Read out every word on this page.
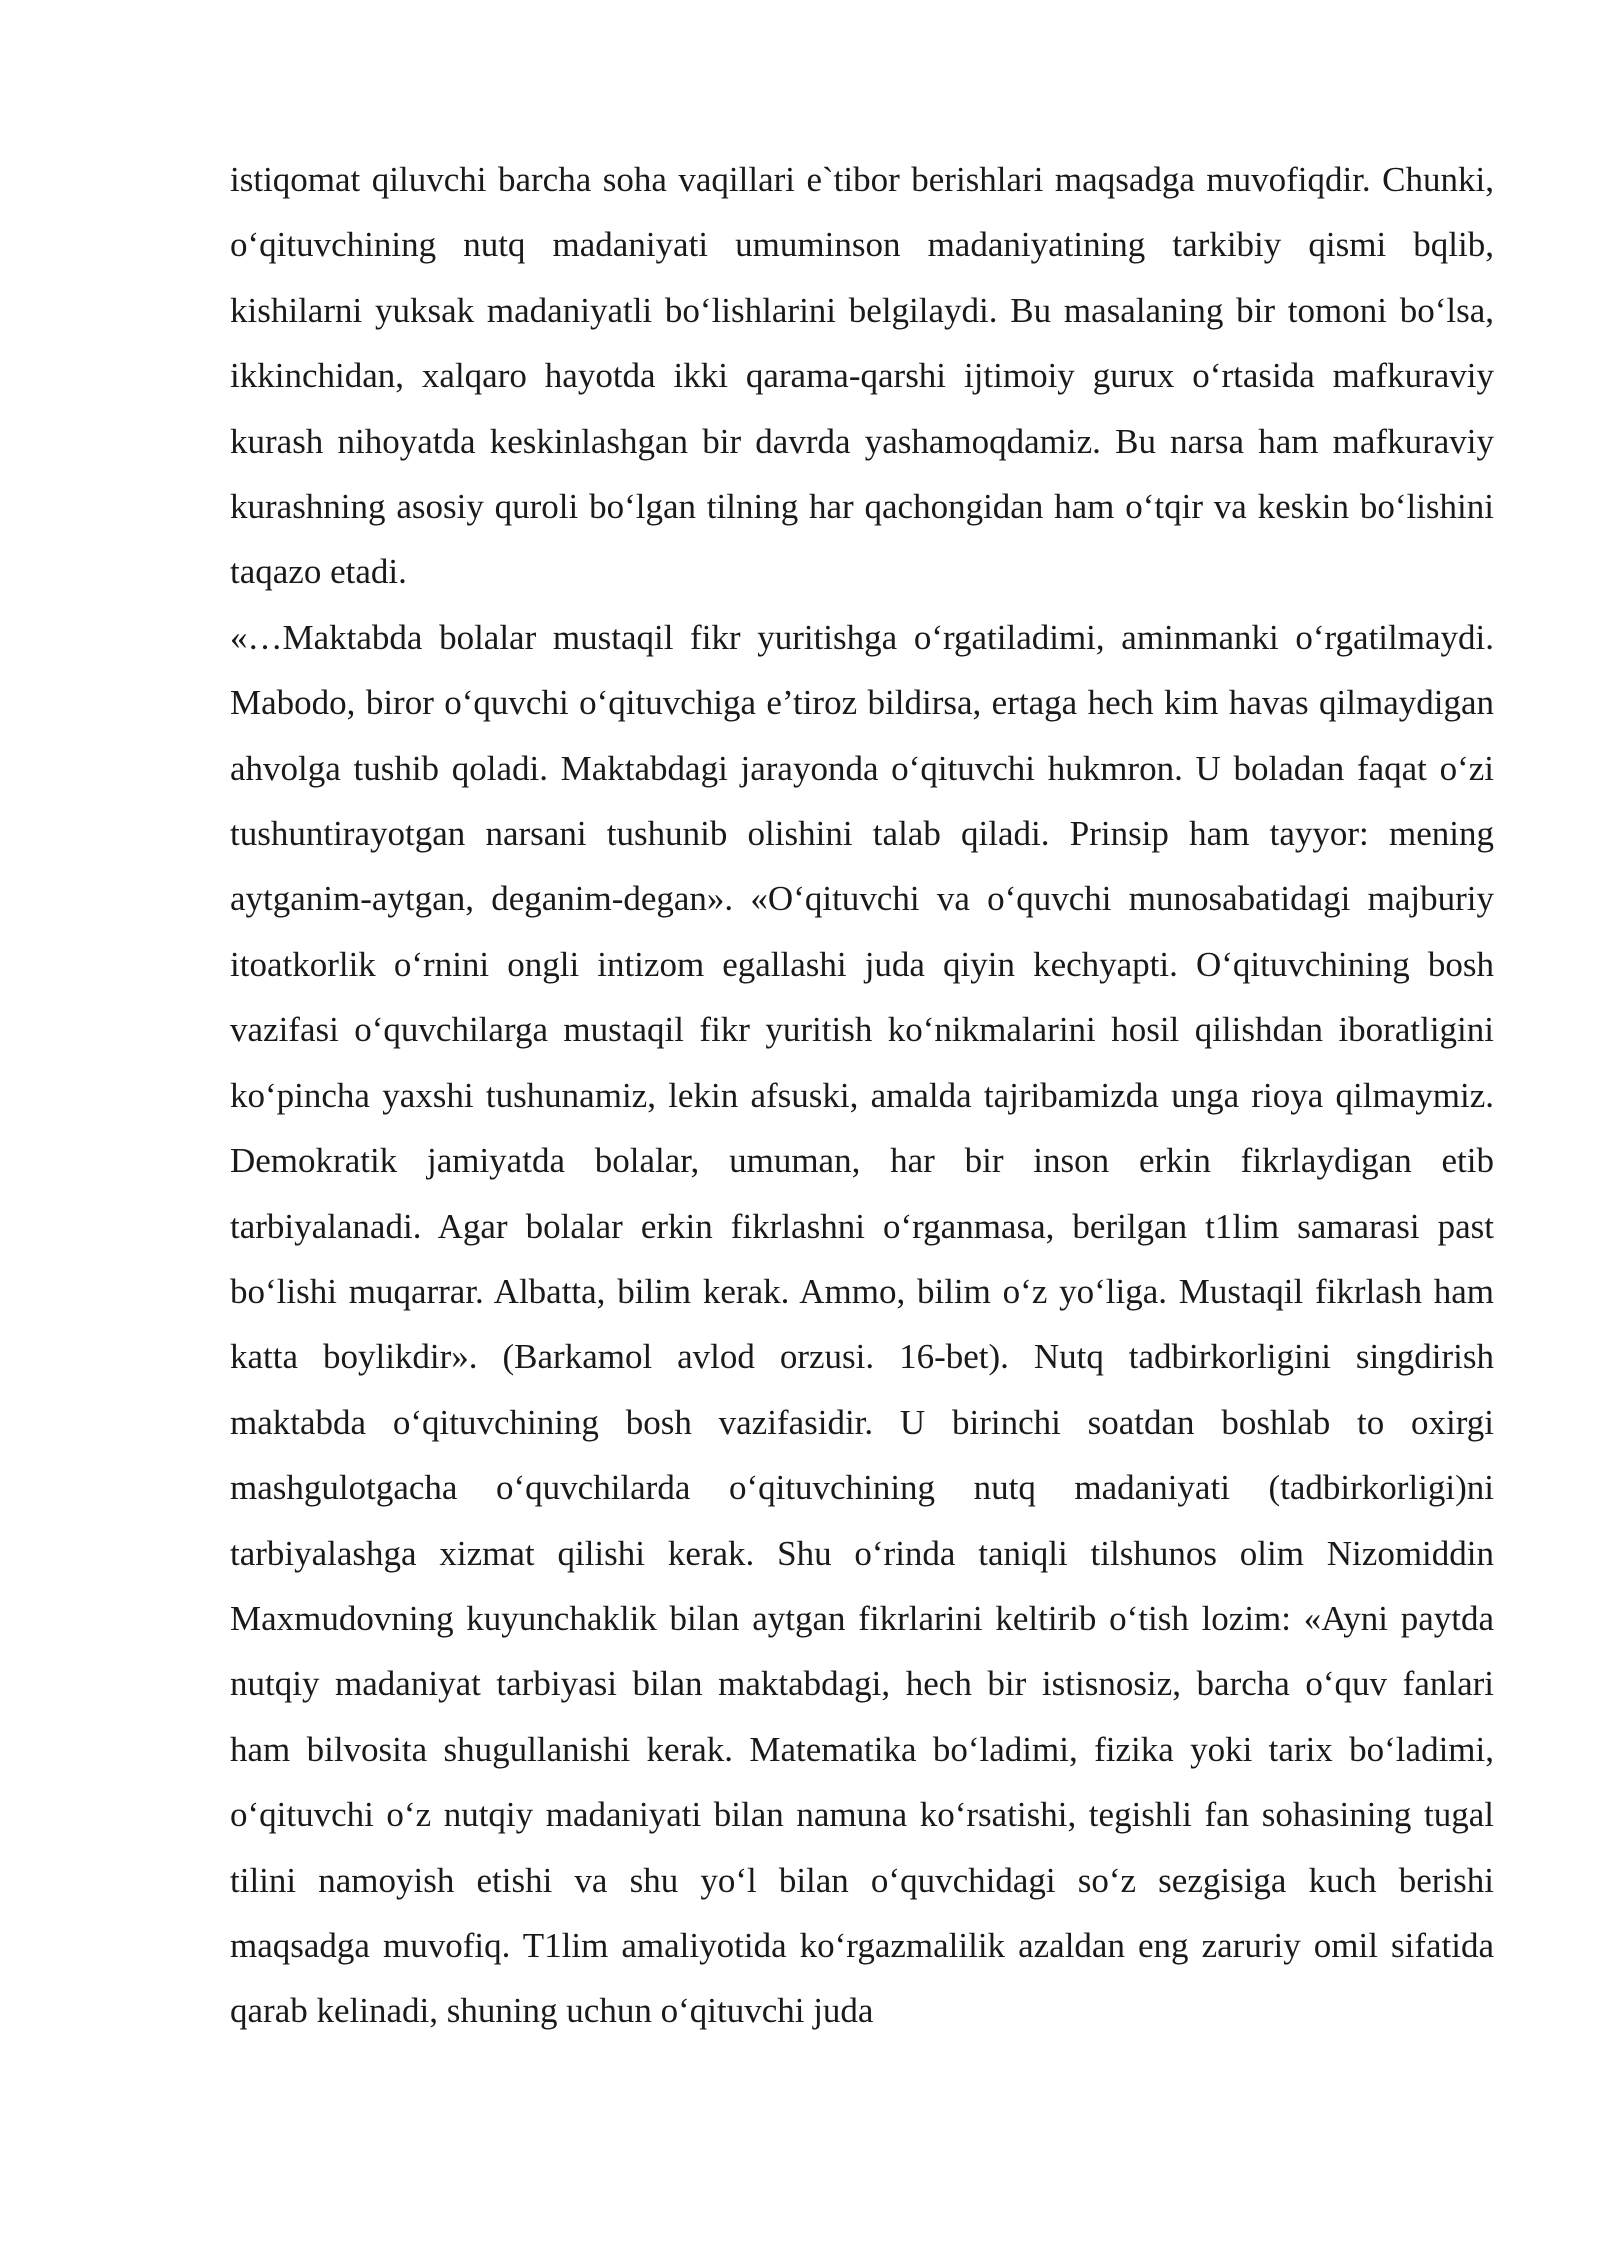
istiqomat qiluvchi barcha soha vaqillari e`tibor berishlari maqsadga muvofiqdir. Chunki, o‘qituvchining nutq madaniyati umuminson madaniyatining tarkibiy qismi bqlib, kishilarni yuksak madaniyatli bo‘lishlarini belgilaydi. Bu masalaning bir tomoni bo‘lsa, ikkinchidan, xalqaro hayotda ikki qarama-qarshi ijtimoiy gurux o‘rtasida mafkuraviy kurash nihoyatda keskinlashgan bir davrda yashamoqdamiz. Bu narsa ham mafkuraviy kurashning asosiy quroli bo‘lgan tilning har qachongidan ham o‘tqir va keskin bo‘lishini taqazo etadi.

«…Maktabda bolalar mustaqil fikr yuritishga o‘rgatiladimi, aminmanki o‘rgatilmaydi. Mabodo, biror o‘quvchi o‘qituvchiga e’tiroz bildirsa, ertaga hech kim havas qilmaydigan ahvolga tushib qoladi. Maktabdagi jarayonda o‘qituvchi hukmron. U boladan faqat o‘zi tushuntirayotgan narsani tushunib olishini talab qiladi. Prinsip ham tayyor: mening aytganim-aytgan, deganim-degan». «O‘qituvchi va o‘quvchi munosabatidagi majburiy itoatkorlik o‘rnini ongli intizom egallashi juda qiyin kechyapti. O‘qituvchining bosh vazifasi o‘quvchilarga mustaqil fikr yuritish ko‘nikmalarini hosil qilishdan iboratligini ko‘pincha yaxshi tushunamiz, lekin afsuski, amalda tajribamizda unga rioya qilmaymiz. Demokratik jamiyatda bolalar, umuman, har bir inson erkin fikrlaydigan etib tarbiyalanadi. Agar bolalar erkin fikrlashni o‘rganmasa, berilgan t1lim samarasi past bo‘lishi muqarrar. Albatta, bilim kerak. Ammo, bilim o‘z yo‘liga. Mustaqil fikrlash ham katta boylikdir». (Barkamol avlod orzusi. 16-bet). Nutq tadbirkorligini singdirish maktabda o‘qituvchining bosh vazifasidir. U birinchi soatdan boshlab to oxirgi mashgulotgacha o‘quvchilarda o‘qituvchining nutq madaniyati (tadbirkorligi)ni tarbiyalashga xizmat qilishi kerak. Shu o‘rinda taniqli tilshunos olim Nizomiddin Maxmudovning kuyunchaklik bilan aytgan fikrlarini keltirib o‘tish lozim: «Ayni paytda nutqiy madaniyat tarbiyasi bilan maktabdagi, hech bir istisnosiz, barcha o‘quv fanlari ham bilvosita shugullanishi kerak. Matematika bo‘ladimi, fizika yoki tarix bo‘ladimi, o‘qituvchi o‘z nutqiy madaniyati bilan namuna ko‘rsatishi, tegishli fan sohasining tugal tilini namoyish etishi va shu yo‘l bilan o‘quvchidagi so‘z sezgisiga kuch berishi maqsadga muvofiq. T1lim amaliyotida ko‘rgazmalilik azaldan eng zaruriy omil sifatida qarab kelinadi, shuning uchun o‘qituvchi juda
